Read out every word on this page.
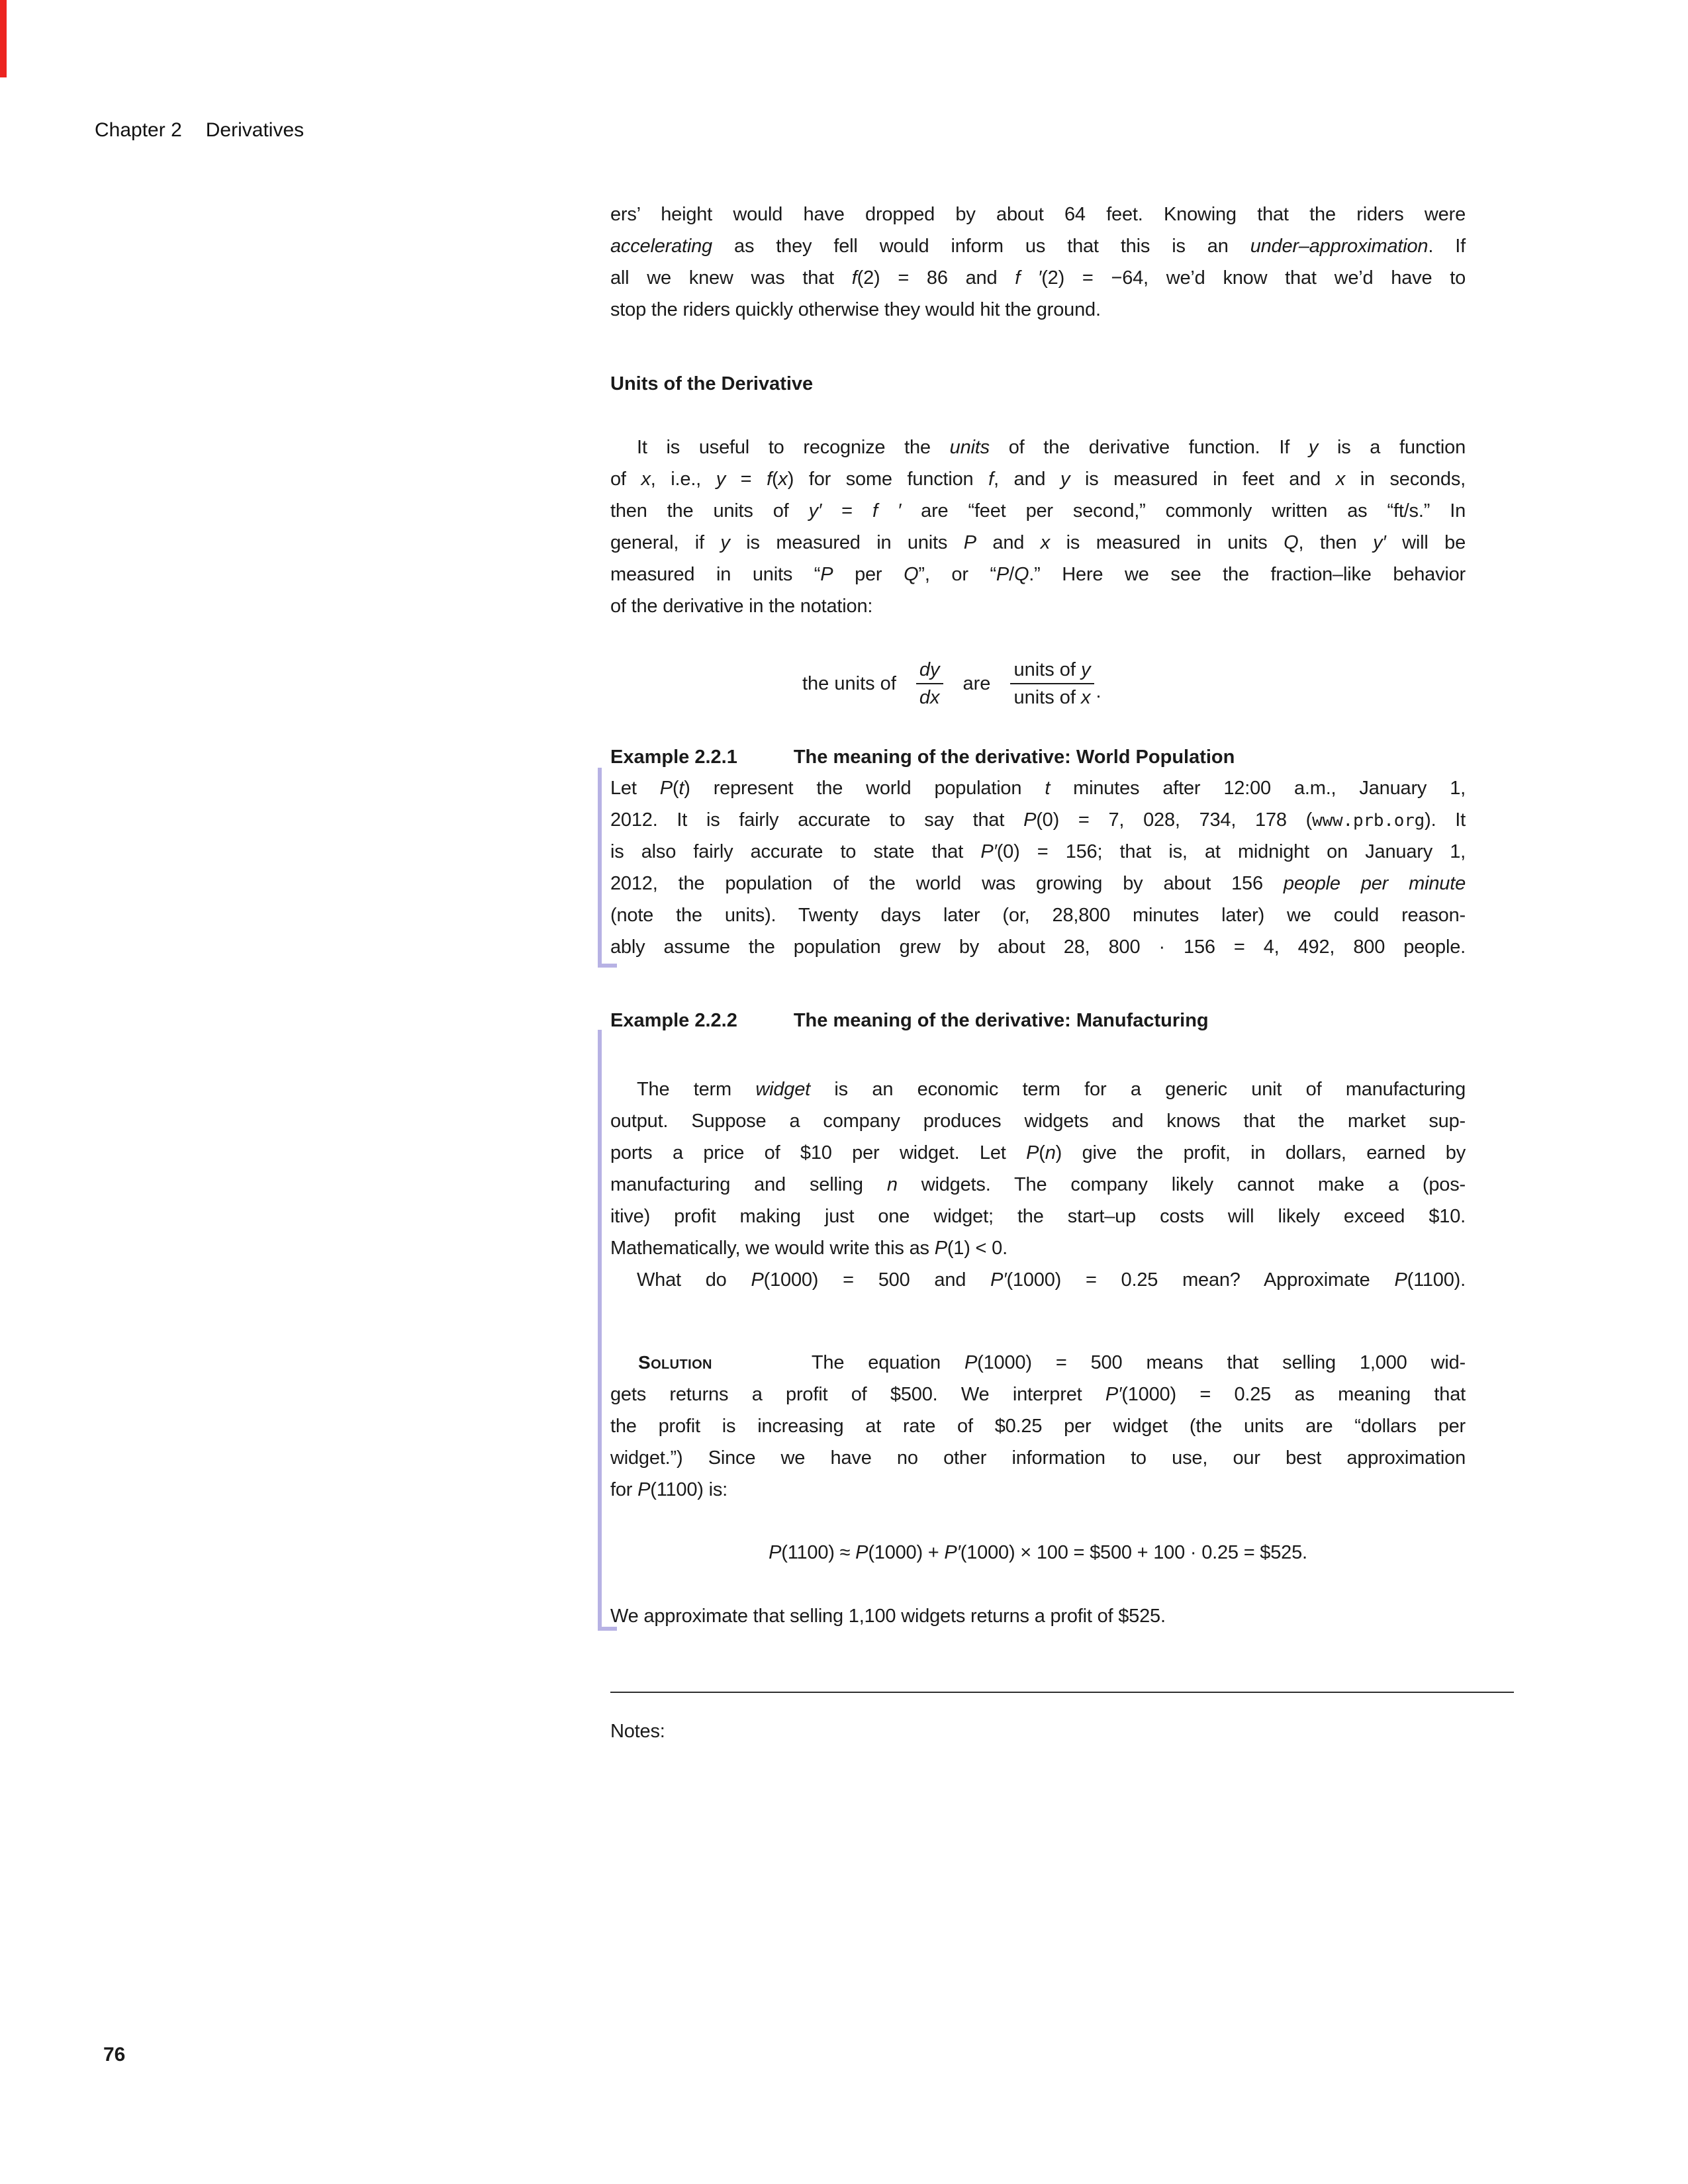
Chapter 2 Derivatives
ers’ height would have dropped by about 64 feet. Knowing that the riders were
accelerating as they fell would inform us that this is an under–approximation. If
all we knew was that f(2) = 86 and f ′(2) = −64, we’d know that we’d have to
stop the riders quickly otherwise they would hit the ground.
Units of the Derivative
It is useful to recognize the units of the derivative function. If y is a function
of x, i.e., y = f(x) for some function f, and y is measured in feet and x in seconds,
then the units of y′ = f ′ are “feet per second,” commonly written as “ft/s.” In
general, if y is measured in units P and x is measured in units Q, then y′ will be
measured in units “P per Q”, or “P/Q.” Here we see the fraction–like behavior
of the derivative in the notation:
the units of $\frac{dy}{dx}$ are $\frac{\text{units of y}}{\text{units of x}}$ .
Example 2.2.1	The meaning of the derivative: World Population
Let P(t) represent the world population t minutes after 12:00 a.m., January 1,
2012. It is fairly accurate to say that P(0) = 7, 028, 734, 178 (www.prb.org). It
is also fairly accurate to state that P′(0) = 156; that is, at midnight on January 1,
2012, the population of the world was growing by about 156 people per minute
(note the units). Twenty days later (or, 28,800 minutes later) we could reason-
ably assume the population grew by about 28, 800 · 156 = 4, 492, 800 people.
Example 2.2.2	The meaning of the derivative: Manufacturing
The term widget is an economic term for a generic unit of manufacturing
output. Suppose a company produces widgets and knows that the market sup-
ports a price of $10 per widget. Let P(n) give the profit, in dollars, earned by
manufacturing and selling n widgets. The company likely cannot make a (pos-
itive) profit making just one widget; the start–up costs will likely exceed $10.
Mathematically, we would write this as P(1) < 0.
What do P(1000) = 500 and P′(1000) = 0.25 mean? Approximate P(1100).
Solution	The equation P(1000) = 500 means that selling 1,000 wid-
gets returns a profit of $500. We interpret P′(1000) = 0.25 as meaning that
the profit is increasing at rate of $0.25 per widget (the units are “dollars per
widget.”) Since we have no other information to use, our best approximation
for P(1100) is:
P(1100) ≈ P(1000) + P′(1000) × 100 = $500 + 100 · 0.25 = $525.
We approximate that selling 1,100 widgets returns a profit of $525.
Notes:
76
